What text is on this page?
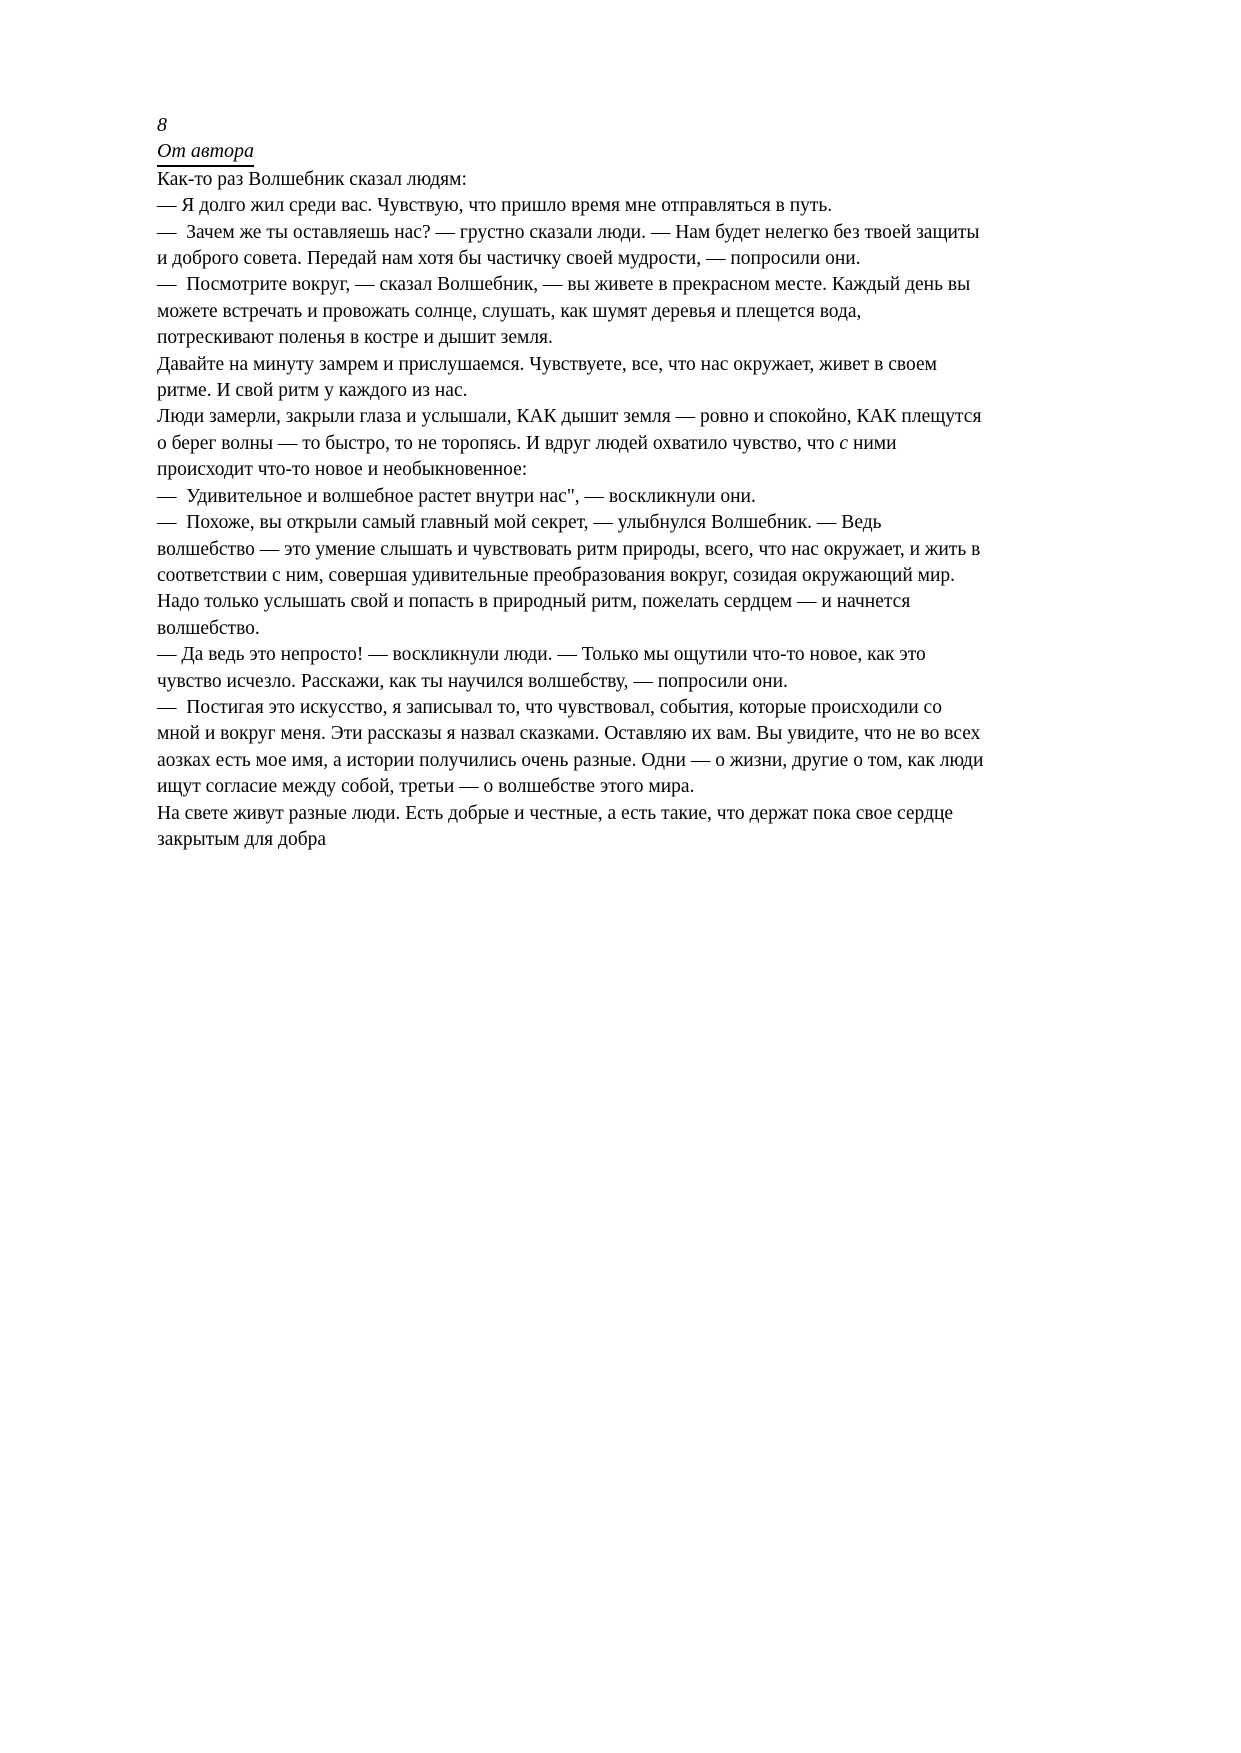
8
От автора
Как-то раз Волшебник сказал людям:
— Я долго жил среди вас. Чувствую, что пришло время мне отправляться в путь.
—  Зачем же ты оставляешь нас? — грустно сказали люди. — Нам будет нелегко без твоей защиты
и доброго совета. Передай нам хотя бы частичку своей мудрости, — попросили они.
—  Посмотрите вокруг, — сказал Волшебник, — вы живете в прекрасном месте. Каждый день вы
можете встречать и провожать солнце, слушать, как шумят деревья и плещется вода,
потрескивают поленья в костре и дышит земля.
Давайте на минуту замрем и прислушаемся. Чувствуете, все, что нас окружает, живет в своем
ритме. И свой ритм у каждого из нас.
Люди замерли, закрыли глаза и услышали, КАК дышит земля — ровно и спокойно, КАК плещутся
о берег волны — то быстро, то не торопясь. И вдруг людей охватило чувство, что с ними
происходит что-то новое и необыкновенное:
—  Удивительное и волшебное растет внутри нас", — воскликнули они.
—  Похоже, вы открыли самый главный мой секрет, — улыбнулся Волшебник. — Ведь
волшебство — это умение слышать и чувствовать ритм природы, всего, что нас окружает, и жить в
соответствии с ним, совершая удивительные преобразования вокруг, созидая окружающий мир.
Надо только услышать свой и попасть в природный ритм, пожелать сердцем — и начнется
волшебство.
— Да ведь это непросто! — воскликнули люди. — Только мы ощутили что-то новое, как это
чувство исчезло. Расскажи, как ты научился волшебству, — попросили они.
—  Постигая это искусство, я записывал то, что чувствовал, события, которые происходили со
мной и вокруг меня. Эти рассказы я назвал сказками. Оставляю их вам. Вы увидите, что не во всех
аозках есть мое имя, а истории получились очень разные. Одни — о жизни, другие о том, как люди
ищут согласие между собой, третьи — о волшебстве этого мира.
На свете живут разные люди. Есть добрые и честные, а есть такие, что держат пока свое сердце
закрытым для добра
